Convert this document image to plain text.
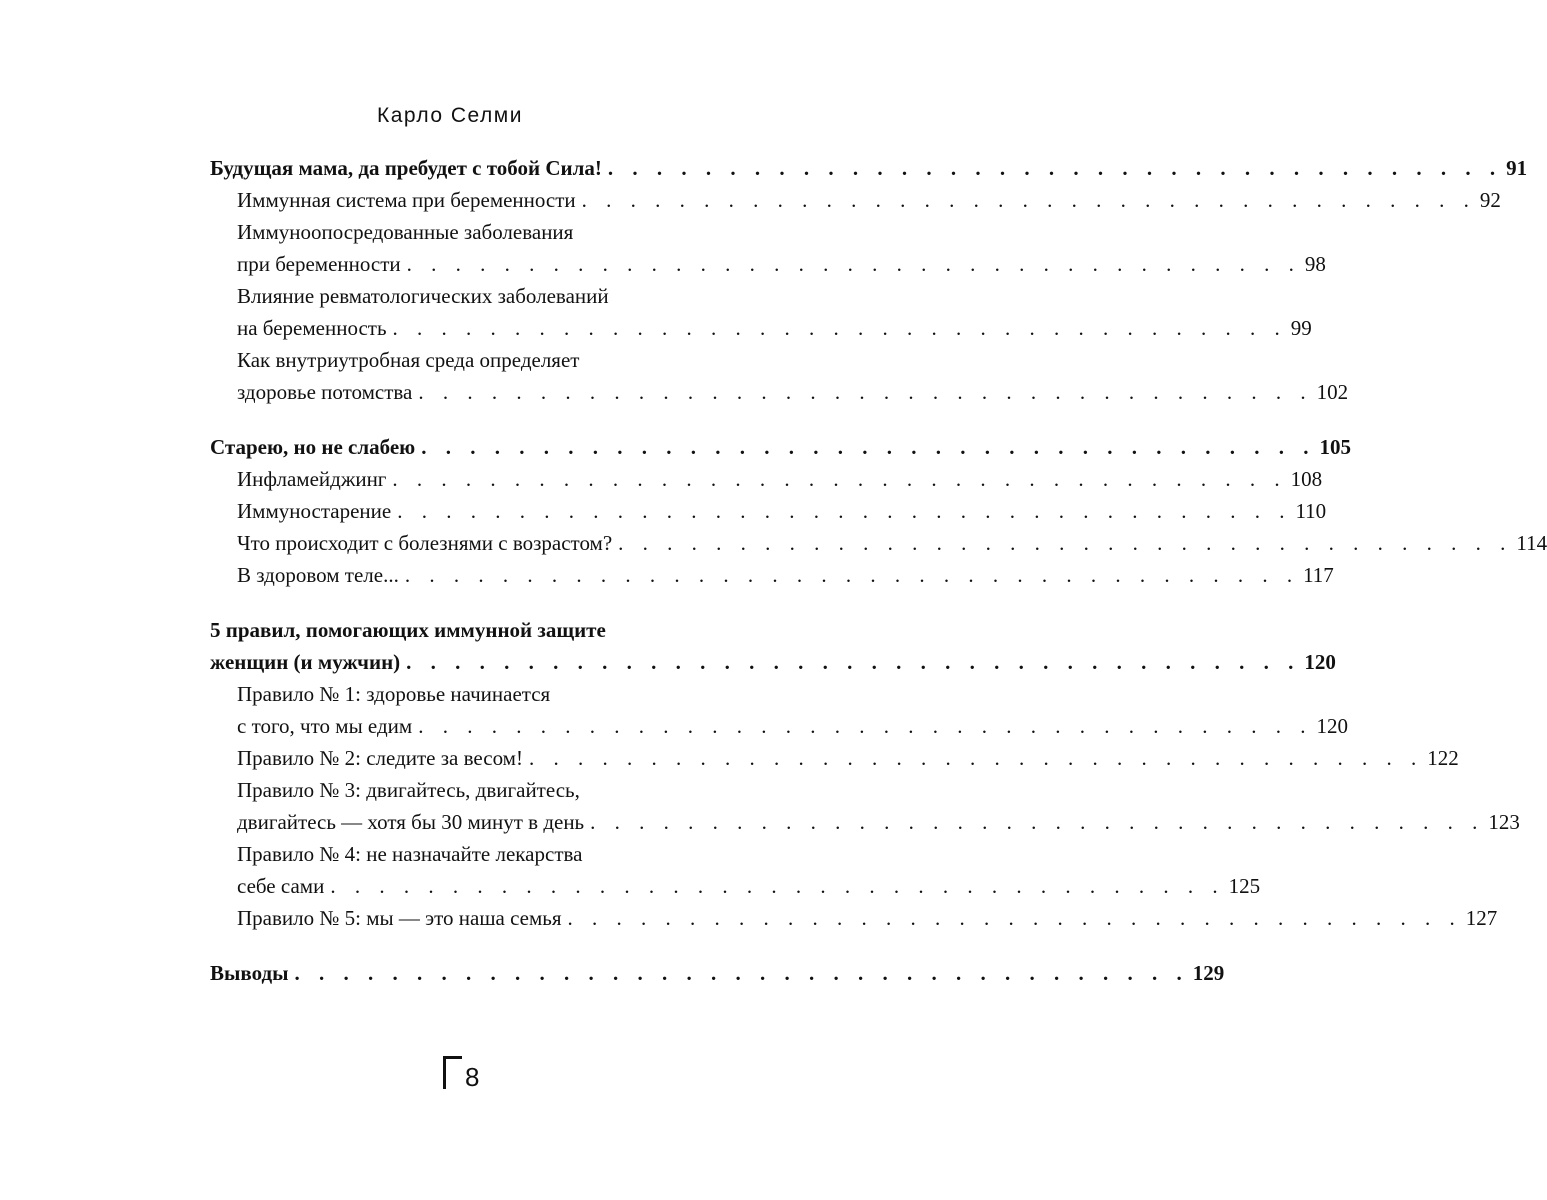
Карло Селми
Будущая мама, да пребудет с тобой Сила! . . . . . . . . . . . . . . . . . . . . . . . . . . . . . . . . . . . . . 91
Иммунная система при беременности . . . . . . . . . . . . . . . . . . . . . . . . . . . . . . . . . . . . . 92
Иммуноопосредованные заболевания
при беременности . . . . . . . . . . . . . . . . . . . . . . . . . . . . . . . . . . . . . 98
Влияние ревматологических заболеваний
на беременность . . . . . . . . . . . . . . . . . . . . . . . . . . . . . . . . . . . . . 99
Как внутриутробная среда определяет
здоровье потомства . . . . . . . . . . . . . . . . . . . . . . . . . . . . . . . . . . . . . 102
Старею, но не слабею . . . . . . . . . . . . . . . . . . . . . . . . . . . . . . . . . . . . . 105
Инфламейджинг . . . . . . . . . . . . . . . . . . . . . . . . . . . . . . . . . . . . . 108
Иммуностарение . . . . . . . . . . . . . . . . . . . . . . . . . . . . . . . . . . . . . 110
Что происходит с болезнями с возрастом? . . . . . . . . . . . . . . . . . . . . . . . . . . . . . . . . . . . . . 114
В здоровом теле... . . . . . . . . . . . . . . . . . . . . . . . . . . . . . . . . . . . . . 117
5 правил, помогающих иммунной защите
женщин (и мужчин) . . . . . . . . . . . . . . . . . . . . . . . . . . . . . . . . . . . . . 120
Правило № 1: здоровье начинается
с того, что мы едим . . . . . . . . . . . . . . . . . . . . . . . . . . . . . . . . . . . . . 120
Правило № 2: следите за весом! . . . . . . . . . . . . . . . . . . . . . . . . . . . . . . . . . . . . . 122
Правило № 3: двигайтесь, двигайтесь,
двигайтесь — хотя бы 30 минут в день . . . . . . . . . . . . . . . . . . . . . . . . . . . . . . . . . . . . . 123
Правило № 4: не назначайте лекарства
себе сами . . . . . . . . . . . . . . . . . . . . . . . . . . . . . . . . . . . . . 125
Правило № 5: мы — это наша семья . . . . . . . . . . . . . . . . . . . . . . . . . . . . . . . . . . . . . 127
Выводы . . . . . . . . . . . . . . . . . . . . . . . . . . . . . . . . . . . . . 129
8
